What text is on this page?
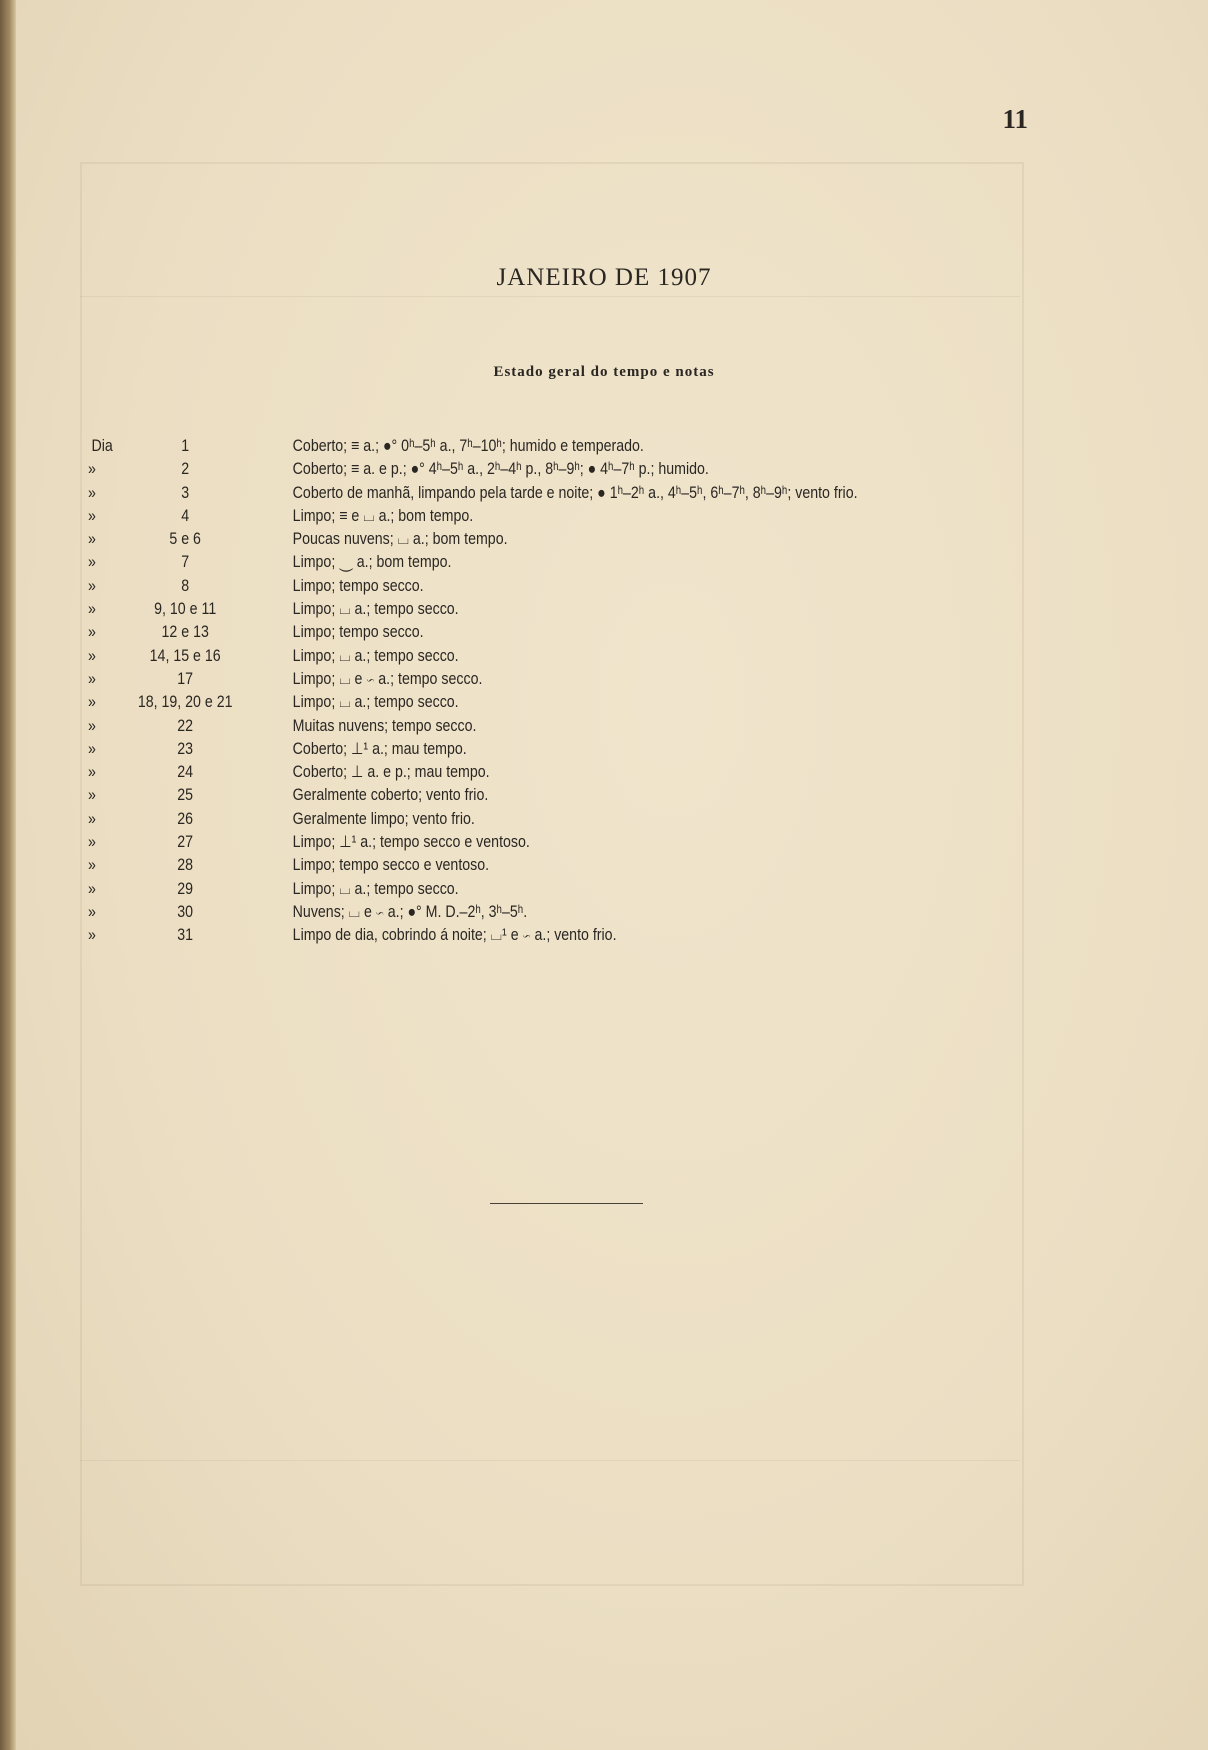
11
JANEIRO DE 1907
Estado geral do tempo e notas
Dia	1	Coberto; ≡ a.; ●° 0ʰ–5ʰ a., 7ʰ–10ʰ; humido e temperado.
»	2	Coberto; ≡ a. e p.; ●° 4ʰ–5ʰ a., 2ʰ–4ʰ p., 8ʰ–9ʰ; ● 4ʰ–7ʰ p.; humido.
»	3	Coberto de manhã, limpando pela tarde e noite; ● 1ʰ–2ʰ a., 4ʰ–5ʰ, 6ʰ–7ʰ, 8ʰ–9ʰ; vento frio.
»	4	Limpo; ≡ e ⌴ a.; bom tempo.
»	5 e 6	Poucas nuvens; ⌴ a.; bom tempo.
»	7	Limpo; ⏝ a.; bom tempo.
»	8	Limpo; tempo secco.
»	9, 10 e 11	Limpo; ⌴ a.; tempo secco.
»	12 e 13	Limpo; tempo secco.
»	14, 15 e 16	Limpo; ⌴ a.; tempo secco.
»	17	Limpo; ⌴ e ∽ a.; tempo secco.
»	18, 19, 20 e 21	Limpo; ⌴ a.; tempo secco.
»	22	Muitas nuvens; tempo secco.
»	23	Coberto; ⊥¹ a.; mau tempo.
»	24	Coberto; ⊥ a. e p.; mau tempo.
»	25	Geralmente coberto; vento frio.
»	26	Geralmente limpo; vento frio.
»	27	Limpo; ⊥¹ a.; tempo secco e ventoso.
»	28	Limpo; tempo secco e ventoso.
»	29	Limpo; ⌴ a.; tempo secco.
»	30	Nuvens; ⌴ e ∽ a.; ●° M. D.–2ʰ, 3ʰ–5ʰ.
»	31	Limpo de dia, cobrindo á noite; ⌴¹ e ∽ a.; vento frio.
